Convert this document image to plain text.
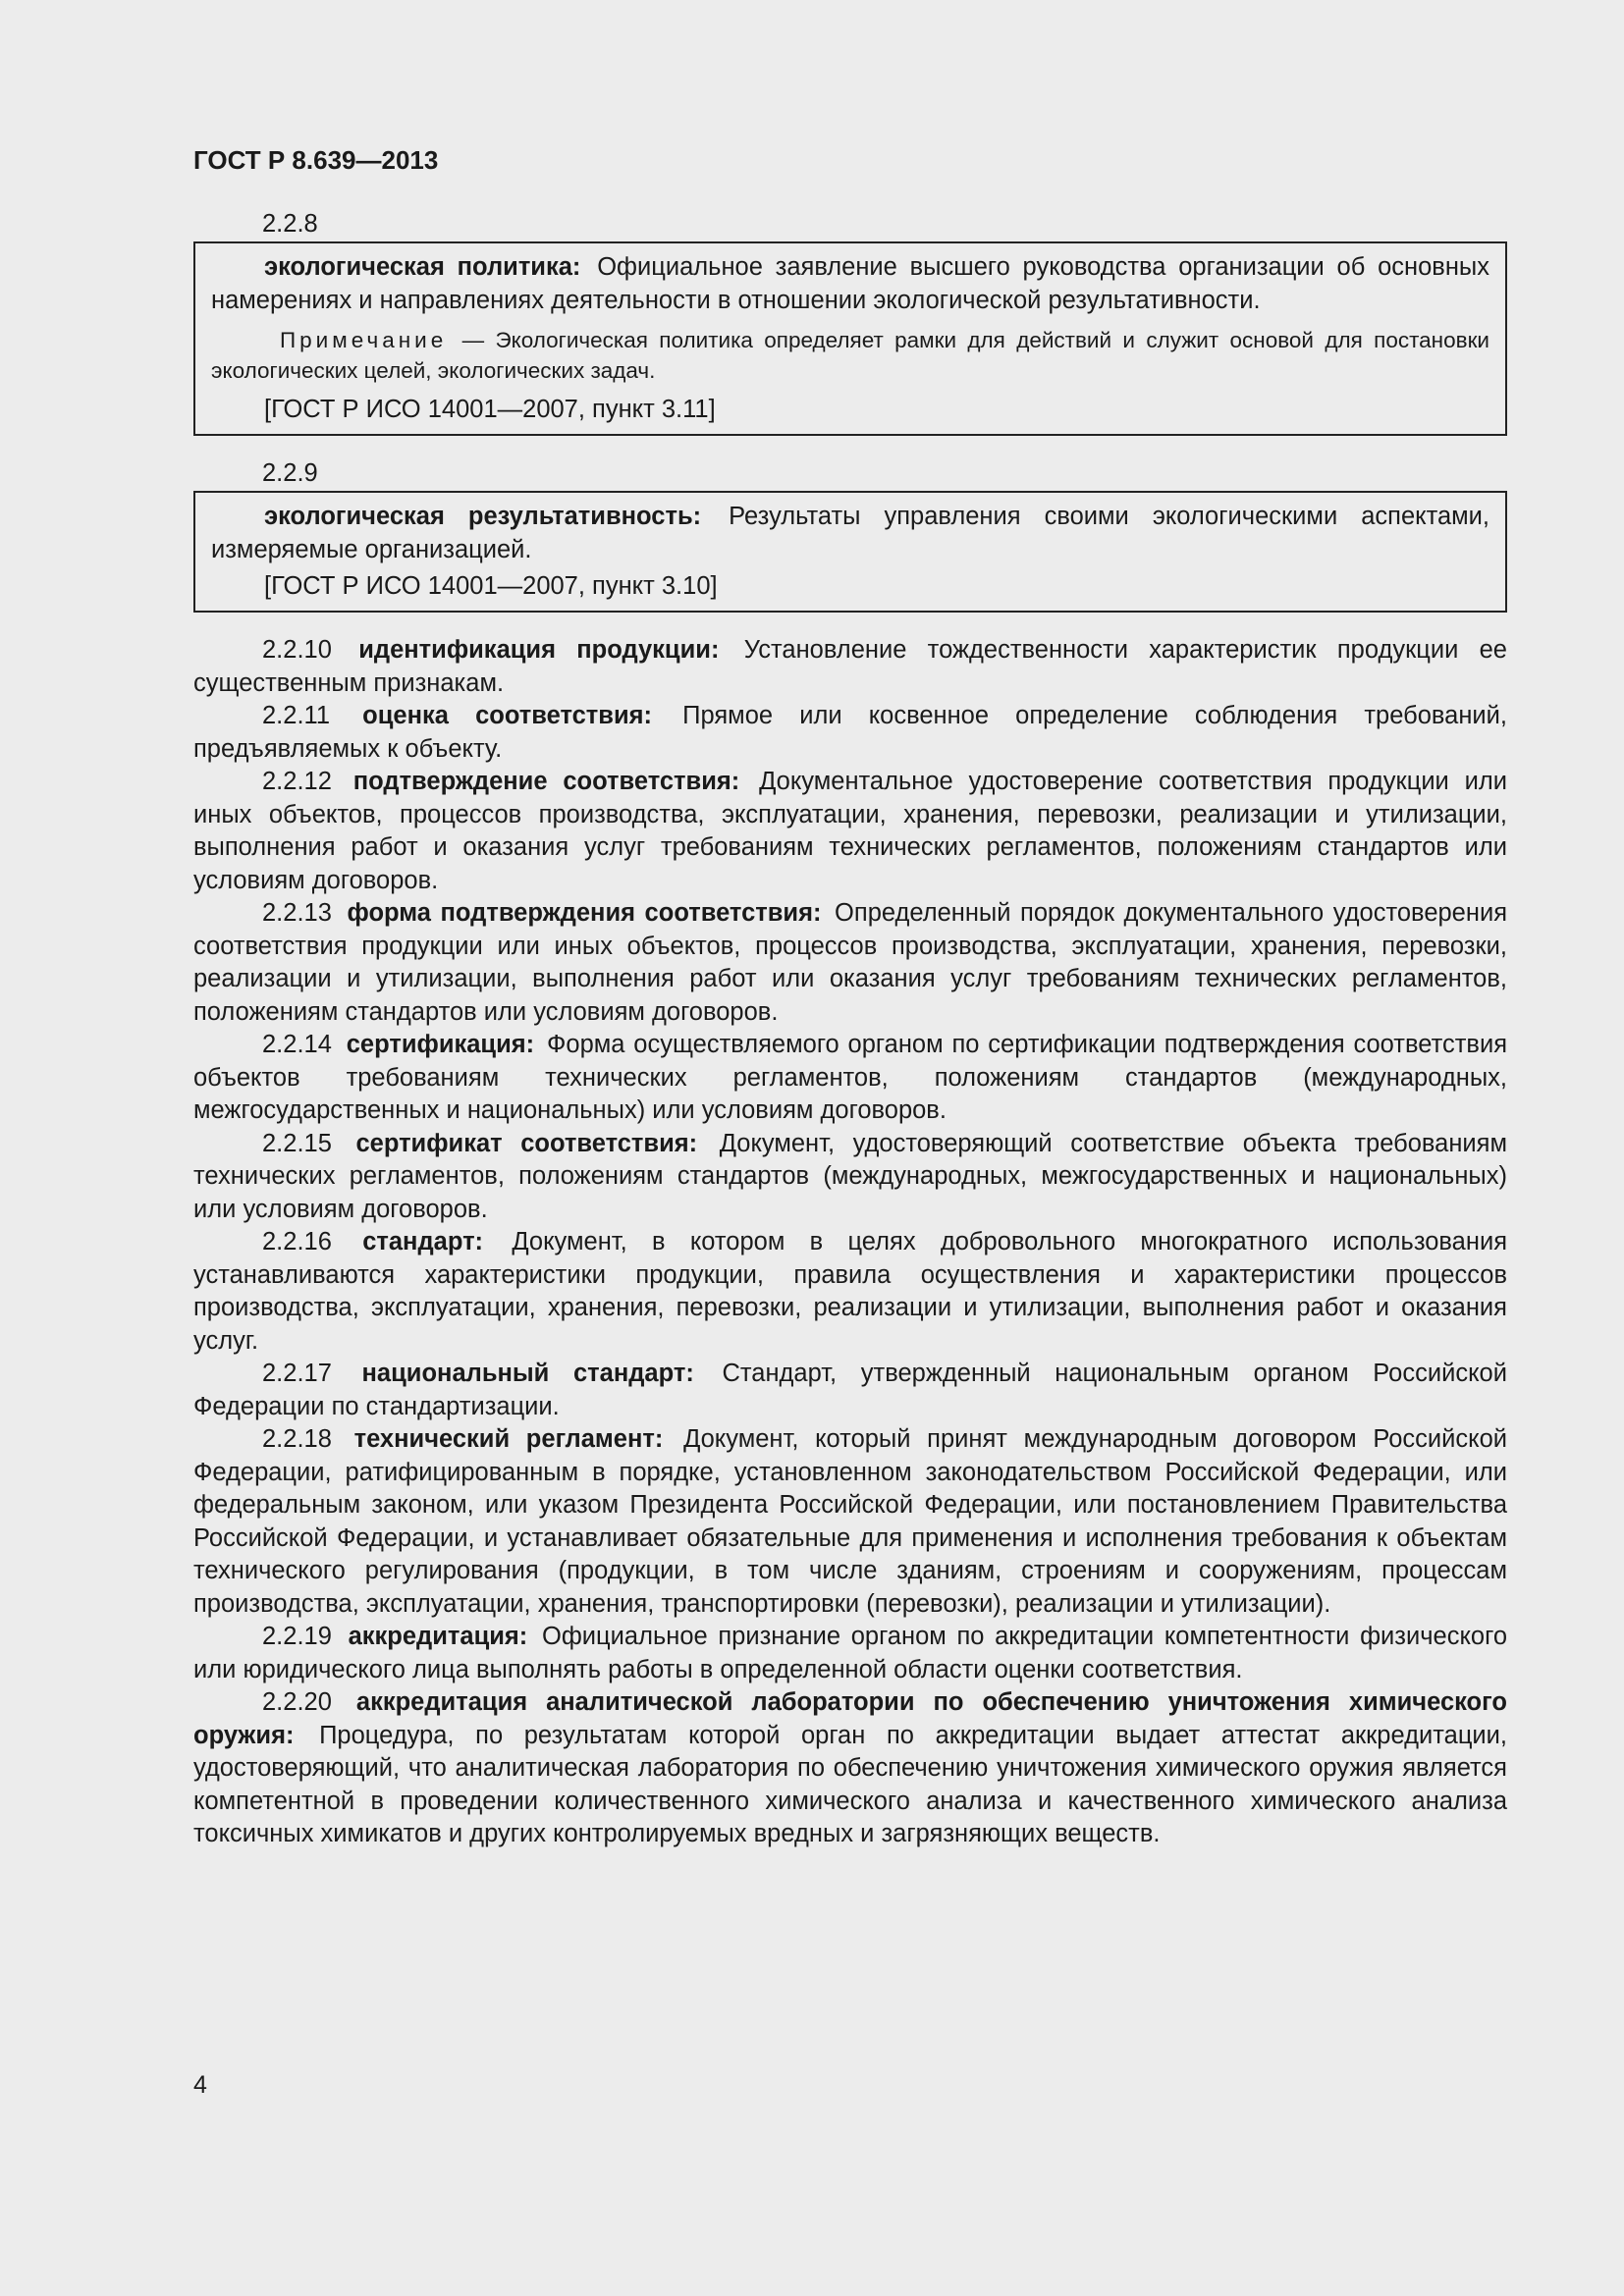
ГОСТ Р 8.639—2013
2.2.8

экологическая политика: Официальное заявление высшего руководства организации об основных намерениях и направлениях деятельности в отношении экологической результативности.

Примечание — Экологическая политика определяет рамки для действий и служит основой для постановки экологических целей, экологических задач.

[ГОСТ Р ИСО 14001—2007, пункт 3.11]

2.2.9

экологическая результативность: Результаты управления своими экологическими аспектами, измеряемые организацией.

[ГОСТ Р ИСО 14001—2007, пункт 3.10]

2.2.10 идентификация продукции: Установление тождественности характеристик продукции ее существенным признакам.

2.2.11 оценка соответствия: Прямое или косвенное определение соблюдения требований, предъявляемых к объекту.

2.2.12 подтверждение соответствия: Документальное удостоверение соответствия продукции или иных объектов, процессов производства, эксплуатации, хранения, перевозки, реализации и утилизации, выполнения работ и оказания услуг требованиям технических регламентов, положениям стандартов или условиям договоров.

2.2.13 форма подтверждения соответствия: Определенный порядок документального удостоверения соответствия продукции или иных объектов, процессов производства, эксплуатации, хранения, перевозки, реализации и утилизации, выполнения работ или оказания услуг требованиям технических регламентов, положениям стандартов или условиям договоров.

2.2.14 сертификация: Форма осуществляемого органом по сертификации подтверждения соответствия объектов требованиям технических регламентов, положениям стандартов (международных, межгосударственных и национальных) или условиям договоров.

2.2.15 сертификат соответствия: Документ, удостоверяющий соответствие объекта требованиям технических регламентов, положениям стандартов (международных, межгосударственных и национальных) или условиям договоров.

2.2.16 стандарт: Документ, в котором в целях добровольного многократного использования устанавливаются характеристики продукции, правила осуществления и характеристики процессов производства, эксплуатации, хранения, перевозки, реализации и утилизации, выполнения работ и оказания услуг.

2.2.17 национальный стандарт: Стандарт, утвержденный национальным органом Российской Федерации по стандартизации.

2.2.18 технический регламент: Документ, который принят международным договором Российской Федерации, ратифицированным в порядке, установленном законодательством Российской Федерации, или федеральным законом, или указом Президента Российской Федерации, или постановлением Правительства Российской Федерации, и устанавливает обязательные для применения и исполнения требования к объектам технического регулирования (продукции, в том числе зданиям, строениям и сооружениям, процессам производства, эксплуатации, хранения, транспортировки (перевозки), реализации и утилизации).

2.2.19 аккредитация: Официальное признание органом по аккредитации компетентности физического или юридического лица выполнять работы в определенной области оценки соответствия.

2.2.20 аккредитация аналитической лаборатории по обеспечению уничтожения химического оружия: Процедура, по результатам которой орган по аккредитации выдает аттестат аккредитации, удостоверяющий, что аналитическая лаборатория по обеспечению уничтожения химического оружия является компетентной в проведении количественного химического анализа и качественного химического анализа токсичных химикатов и других контролируемых вредных и загрязняющих веществ.

4
